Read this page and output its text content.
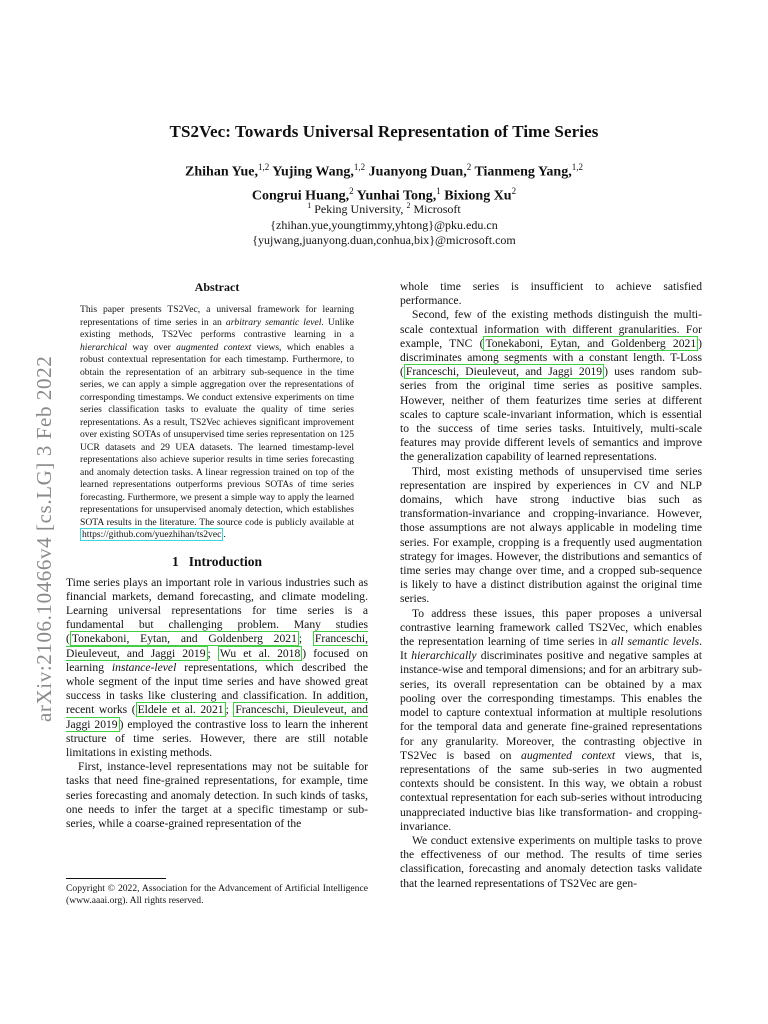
arXiv:2106.10466v4 [cs.LG] 3 Feb 2022
TS2Vec: Towards Universal Representation of Time Series
Zhihan Yue,$^{1,2}$ Yujing Wang,$^{1,2}$ Juanyong Duan,$^2$ Tianmeng Yang,$^{1,2}$
Congrui Huang,$^2$ Yunhai Tong,$^1$ Bixiong Xu$^2$
$^1$ Peking University, $^2$ Microsoft
{zhihan.yue,youngtimmy,yhtong}@pku.edu.cn
{yujwang,juanyong.duan,conhua,bix}@microsoft.com
Abstract

This paper presents TS2Vec, a universal framework for learning representations of time series in an arbitrary semantic level. Unlike existing methods, TS2Vec performs contrastive learning in a hierarchical way over augmented context views, which enables a robust contextual representation for each timestamp. Furthermore, to obtain the representation of an arbitrary sub-sequence in the time series, we can apply a simple aggregation over the representations of corresponding timestamps. We conduct extensive experiments on time series classification tasks to evaluate the quality of time series representations. As a result, TS2Vec achieves significant improvement over existing SOTAs of unsupervised time series representation on 125 UCR datasets and 29 UEA datasets. The learned timestamp-level representations also achieve superior results in time series forecasting and anomaly detection tasks. A linear regression trained on top of the learned representations outperforms previous SOTAs of time series forecasting. Furthermore, we present a simple way to apply the learned representations for unsupervised anomaly detection, which establishes SOTA results in the literature. The source code is publicly available at https://github.com/yuezhihan/ts2vec .

1 Introduction

Time series plays an important role in various industries such as financial markets, demand forecasting, and climate modeling. Learning universal representations for time series is a fundamental but challenging problem. Many studies ( Tonekaboni, Eytan, and Goldenberg 2021 ; Franceschi, Dieuleveut, and Jaggi 2019 ; Wu et al. 2018 ) focused on learning instance-level representations, which described the whole segment of the input time series and have showed great success in tasks like clustering and classification. In addition, recent works ( Eldele et al. 2021 ; Franceschi, Dieuleveut, and Jaggi 2019 ) employed the contrastive loss to learn the inherent structure of time series. However, there are still notable limitations in existing methods.

First, instance-level representations may not be suitable for tasks that need fine-grained representations, for example, time series forecasting and anomaly detection. In such kinds of tasks, one needs to infer the target at a specific timestamp or sub-series, while a coarse-grained representation of the

Copyright © 2022, Association for the Advancement of Artificial Intelligence (www.aaai.org). All rights reserved.

whole time series is insufficient to achieve satisfied performance.

Second, few of the existing methods distinguish the multi-scale contextual information with different granularities. For example, TNC ( Tonekaboni, Eytan, and Goldenberg 2021 ) discriminates among segments with a constant length. T-Loss ( Franceschi, Dieuleveut, and Jaggi 2019 ) uses random sub-series from the original time series as positive samples. However, neither of them featurizes time series at different scales to capture scale-invariant information, which is essential to the success of time series tasks. Intuitively, multi-scale features may provide different levels of semantics and improve the generalization capability of learned representations.

Third, most existing methods of unsupervised time series representation are inspired by experiences in CV and NLP domains, which have strong inductive bias such as transformation-invariance and cropping-invariance. However, those assumptions are not always applicable in modeling time series. For example, cropping is a frequently used augmentation strategy for images. However, the distributions and semantics of time series may change over time, and a cropped sub-sequence is likely to have a distinct distribution against the original time series.

To address these issues, this paper proposes a universal contrastive learning framework called TS2Vec, which enables the representation learning of time series in all semantic levels. It hierarchically discriminates positive and negative samples at instance-wise and temporal dimensions; and for an arbitrary sub-series, its overall representation can be obtained by a max pooling over the corresponding timestamps. This enables the model to capture contextual information at multiple resolutions for the temporal data and generate fine-grained representations for any granularity. Moreover, the contrasting objective in TS2Vec is based on augmented context views, that is, representations of the same sub-series in two augmented contexts should be consistent. In this way, we obtain a robust contextual representation for each sub-series without introducing unappreciated inductive bias like transformation- and cropping-invariance.

We conduct extensive experiments on multiple tasks to prove the effectiveness of our method. The results of time series classification, forecasting and anomaly detection tasks validate that the learned representations of TS2Vec are gen-
